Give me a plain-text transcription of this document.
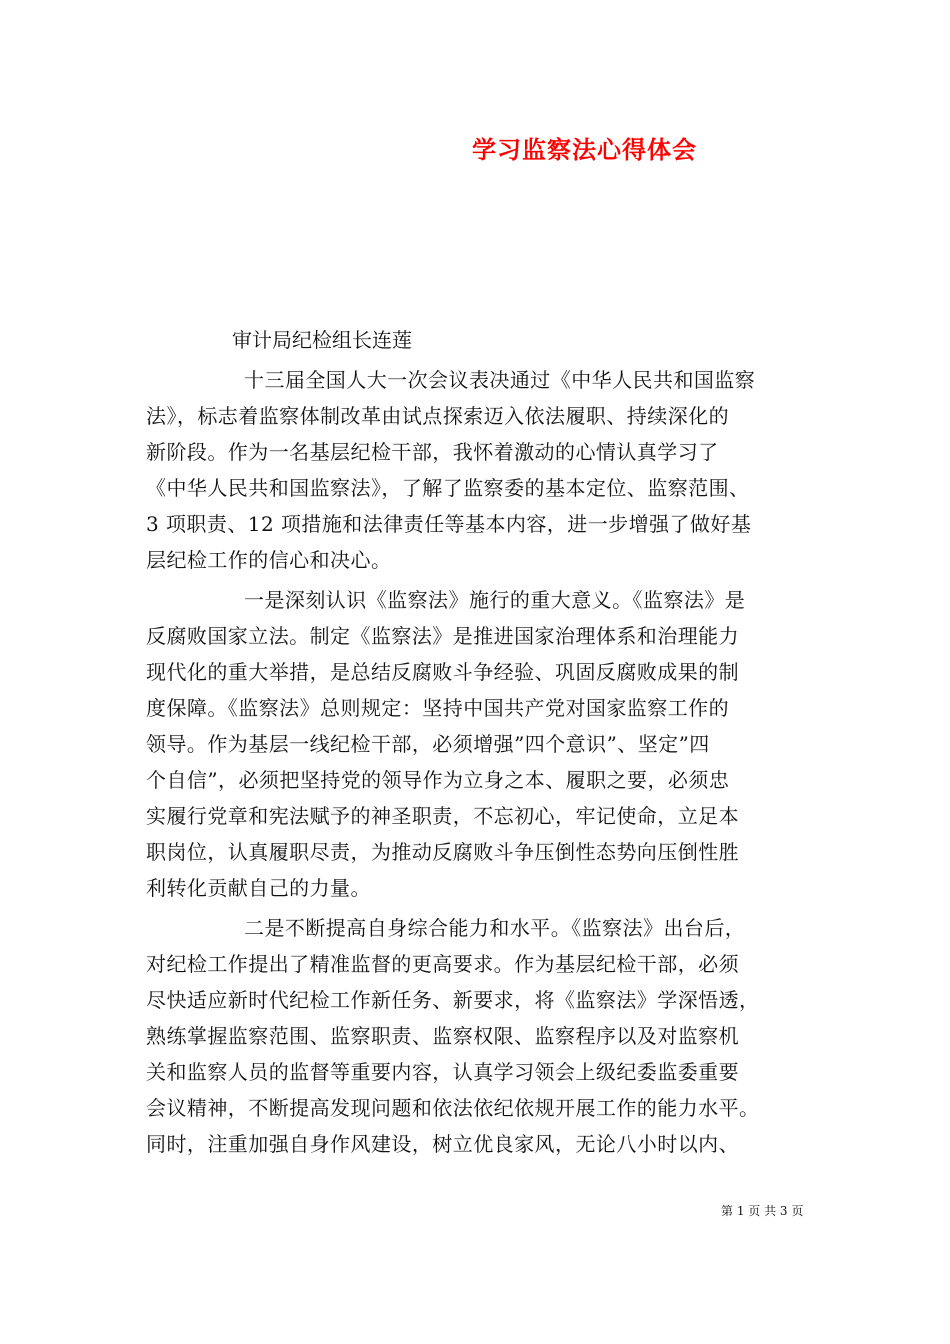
学习监察法心得体会
审计局纪检组长连莲
十三届全国人大一次会议表决通过《中华人民共和国监察
法》，标志着监察体制改革由试点探索迈入依法履职、持续深化的
新阶段。作为一名基层纪检干部，我怀着激动的心情认真学习了
《中华人民共和国监察法》，了解了监察委的基本定位、监察范围、
3 项职责、12 项措施和法律责任等基本内容，进一步增强了做好基
层纪检工作的信心和决心。
一是深刻认识《监察法》施行的重大意义。《监察法》是
反腐败国家立法。制定《监察法》是推进国家治理体系和治理能力
现代化的重大举措，是总结反腐败斗争经验、巩固反腐败成果的制
度保障。《监察法》总则规定：坚持中国共产党对国家监察工作的
领导。作为基层一线纪检干部，必须增强”四个意识”、坚定”四
个自信”，必须把坚持党的领导作为立身之本、履职之要，必须忠
实履行党章和宪法赋予的神圣职责，不忘初心，牢记使命，立足本
职岗位，认真履职尽责，为推动反腐败斗争压倒性态势向压倒性胜
利转化贡献自己的力量。
二是不断提高自身综合能力和水平。《监察法》出台后，
对纪检工作提出了精准监督的更高要求。作为基层纪检干部，必须
尽快适应新时代纪检工作新任务、新要求，将《监察法》学深悟透，
熟练掌握监察范围、监察职责、监察权限、监察程序以及对监察机
关和监察人员的监督等重要内容，认真学习领会上级纪委监委重要
会议精神，不断提高发现问题和依法依纪依规开展工作的能力水平。
同时，注重加强自身作风建设，树立优良家风，无论八小时以内、
第 1 页 共 3 页
